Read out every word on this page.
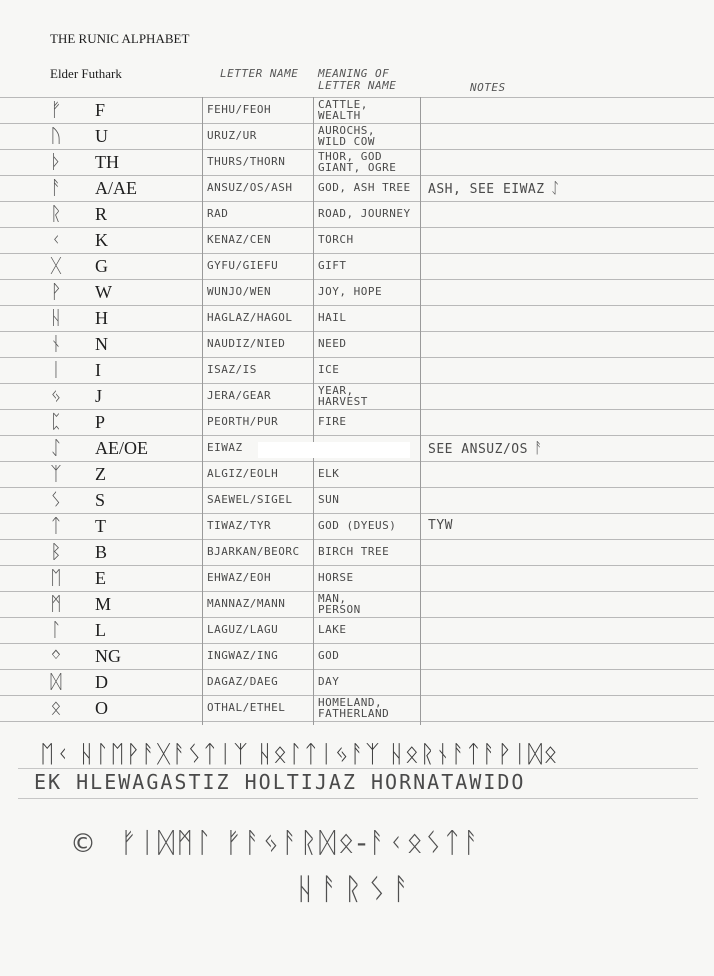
THE RUNIC ALPHABET
Elder Futhark	LETTER NAME	MEANING OF LETTER NAME	NOTES
ᚠ	F	FEHU/FEOH	CATTLE,
WEALTH
ᚢ	U	URUZ/UR	AUROCHS,
WILD COW
ᚦ	TH	THURS/THORN	THOR, GOD
GIANT, OGRE
ᚨ	A/AE	ANSUZ/OS/ASH	GOD, ASH TREE	ASH, SEE EIWAZ ᛇ
ᚱ	R	RAD	ROAD, JOURNEY
ᚲ	K	KENAZ/CEN	TORCH
ᚷ	G	GYFU/GIEFU	GIFT
ᚹ	W	WUNJO/WEN	JOY, HOPE
ᚺ	H	HAGLAZ/HAGOL	HAIL
ᚾ	N	NAUDIZ/NIED	NEED
ᛁ	I	ISAZ/IS	ICE
ᛃ	J	JERA/GEAR	YEAR,
HARVEST
ᛈ	P	PEORTH/PUR	FIRE
ᛇ	AE/OE	EIWAZ	SEE ANSUZ/OS ᚨ
ᛉ	Z	ALGIZ/EOLH	ELK
ᛊ	S	SAEWEL/SIGEL	SUN
ᛏ	T	TIWAZ/TYR	GOD (DYEUS)	TYW
ᛒ	B	BJARKAN/BEORC	BIRCH TREE
ᛖ	E	EHWAZ/EOH	HORSE
ᛗ	M	MANNAZ/MANN	MAN,
PERSON
ᛚ	L	LAGUZ/LAGU	LAKE
ᛜ	NG	INGWAZ/ING	GOD
ᛞ	D	DAGAZ/DAEG	DAY
ᛟ	O	OTHAL/ETHEL	HOMELAND,
FATHERLAND
ᛖᚲ ᚺᛚᛖᚹᚨᚷᚨᛊᛏᛁᛉ ᚺᛟᛚᛏᛁᛃᚨᛉ ᚺᛟᚱᚾᚨᛏᚨᚹᛁᛞᛟ
EK HLEWAGASTIZ HOLTIJAZ HORNATAWIDO
© ᚠᛁᛞᛗᛚ ᚠᚨᛃᚨᚱᛞᛟ-ᚨᚲᛟᛊᛏᚨ
ᚺᚨᚱᛊᚨ
